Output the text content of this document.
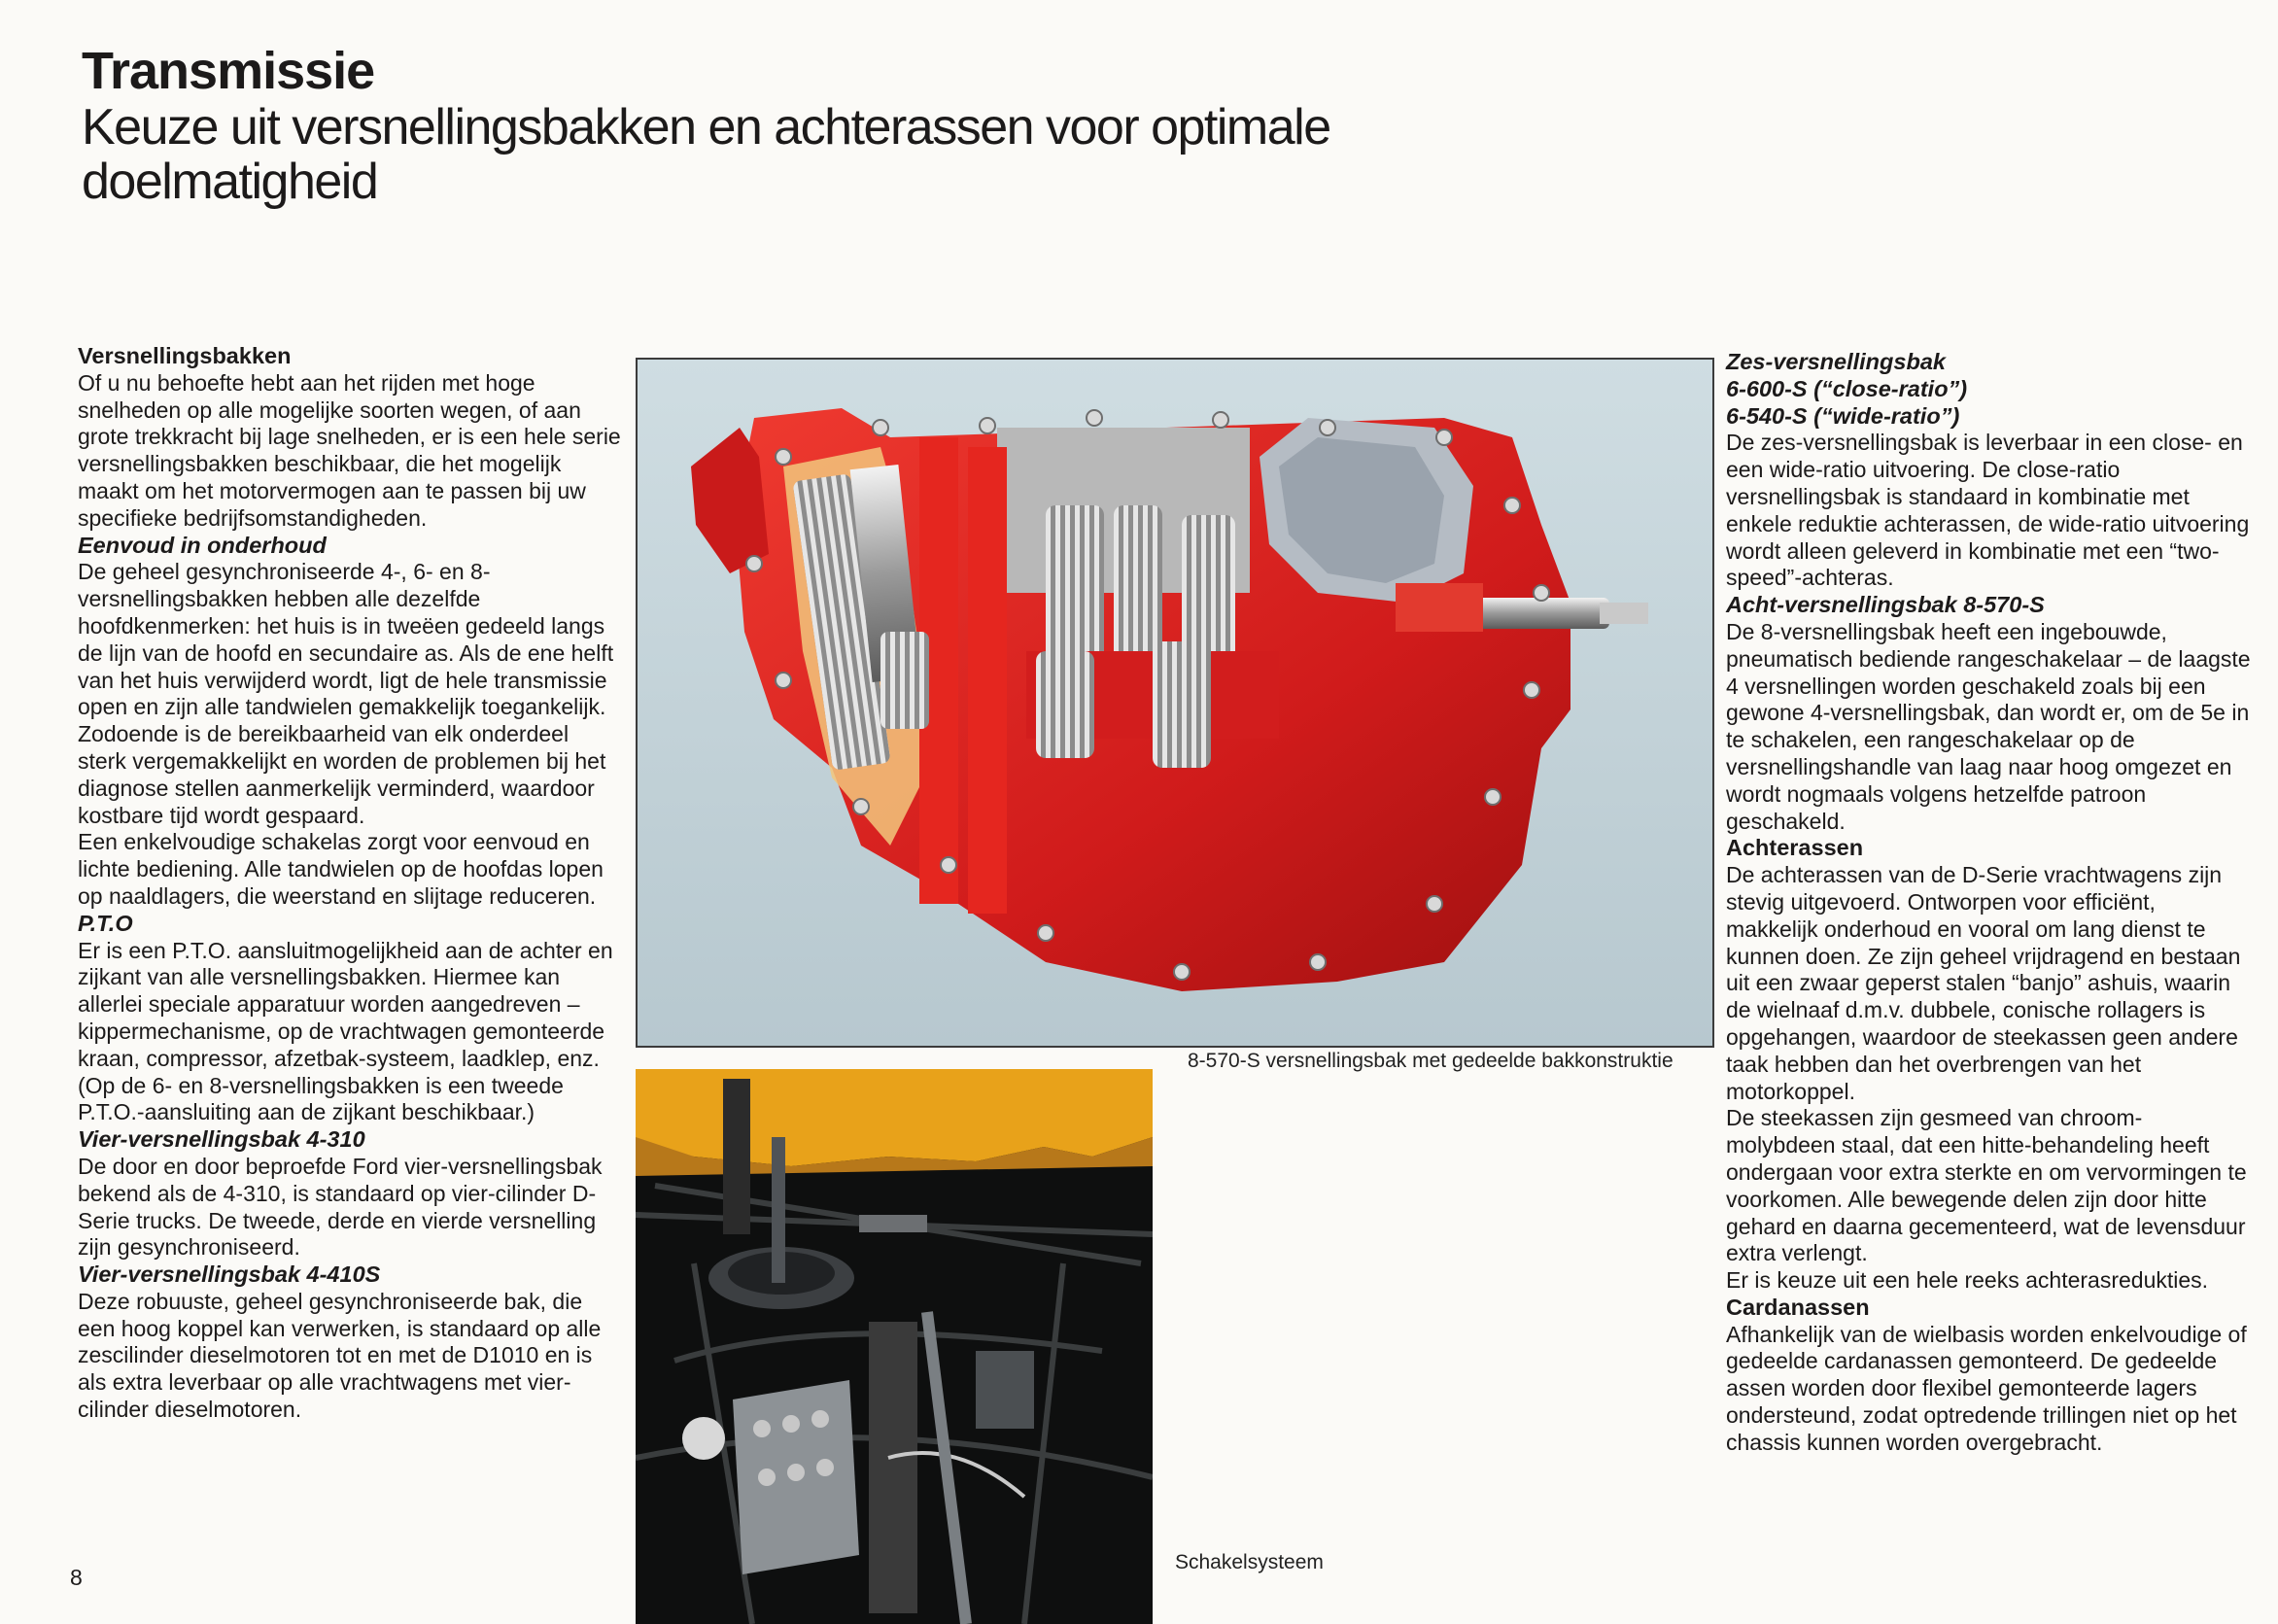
Transmissie
Keuze uit versnellingsbakken en achterassen voor optimale
doelmatigheid

Versnellingsbakken

Of u nu behoefte hebt aan het rijden met hoge snelheden op alle mogelijke soorten wegen, of aan grote trekkracht bij lage snelheden, er is een hele serie versnellingsbakken beschikbaar, die het mogelijk maakt om het motorvermogen aan te passen bij uw specifieke bedrijfsomstandigheden.

Eenvoud in onderhoud

De geheel gesynchroniseerde 4-, 6- en 8-versnellingsbakken hebben alle dezelfde hoofdkenmerken: het huis is in tweëen gedeeld langs de lijn van de hoofd en secundaire as. Als de ene helft van het huis verwijderd wordt, ligt de hele transmissie open en zijn alle tandwielen gemakkelijk toegankelijk. Zodoende is de bereikbaarheid van elk onderdeel sterk vergemakkelijkt en worden de problemen bij het diagnose stellen aanmerkelijk verminderd, waardoor kostbare tijd wordt gespaard.

Een enkelvoudige schakelas zorgt voor eenvoud en lichte bediening. Alle tandwielen op de hoofdas lopen op naaldlagers, die weerstand en slijtage reduceren.

P.T.O

Er is een P.T.O. aansluitmogelijkheid aan de achter en zijkant van alle versnellingsbakken. Hiermee kan allerlei speciale apparatuur worden aangedreven – kippermechanisme, op de vrachtwagen gemonteerde kraan, compressor, afzetbak-systeem, laadklep, enz. (Op de 6- en 8-versnellingsbakken is een tweede P.T.O.-aansluiting aan de zijkant beschikbaar.)

Vier-versnellingsbak 4-310

De door en door beproefde Ford vier-versnellingsbak bekend als de 4-310, is standaard op vier-cilinder D-Serie trucks. De tweede, derde en vierde versnelling zijn gesynchroniseerd.

Vier-versnellingsbak 4-410S

Deze robuuste, geheel gesynchroniseerde bak, die een hoog koppel kan verwerken, is standaard op alle zescilinder dieselmotoren tot en met de D1010 en is als extra leverbaar op alle vrachtwagens met vier-cilinder dieselmotoren.

8-570-S versnellingsbak met gedeelde bakkonstruktie
Schakelsysteem

Zes-versnellingsbak

6-600-S (“close-ratio”)

6-540-S (“wide-ratio”)

De zes-versnellingsbak is leverbaar in een close- en een wide-ratio uitvoering. De close-ratio versnellingsbak is standaard in kombinatie met enkele reduktie achterassen, de wide-ratio uitvoering wordt alleen geleverd in kombinatie met een “two-speed”-achteras.

Acht-versnellingsbak 8-570-S

De 8-versnellingsbak heeft een ingebouwde, pneumatisch bediende rangeschakelaar – de laagste 4 versnellingen worden geschakeld zoals bij een gewone 4-versnellingsbak, dan wordt er, om de 5e in te schakelen, een rangeschakelaar op de versnellingshandle van laag naar hoog omgezet en wordt nogmaals volgens hetzelfde patroon geschakeld.

Achterassen

De achterassen van de D-Serie vrachtwagens zijn stevig uitgevoerd. Ontworpen voor efficiënt, makkelijk onderhoud en vooral om lang dienst te kunnen doen. Ze zijn geheel vrijdragend en bestaan uit een zwaar geperst stalen “banjo” ashuis, waarin de wielnaaf d.m.v. dubbele, conische rollagers is opgehangen, waardoor de steekassen geen andere taak hebben dan het overbrengen van het motorkoppel.

De steekassen zijn gesmeed van chroom-molybdeen staal, dat een hitte-behandeling heeft ondergaan voor extra sterkte en om vervormingen te voorkomen. Alle bewegende delen zijn door hitte gehard en daarna gecementeerd, wat de levensduur extra verlengt.

Er is keuze uit een hele reeks achterasredukties.

Cardanassen

Afhankelijk van de wielbasis worden enkelvoudige of gedeelde cardanassen gemonteerd. De gedeelde assen worden door flexibel gemonteerde lagers ondersteund, zodat optredende trillingen niet op het chassis kunnen worden overgebracht.

8
